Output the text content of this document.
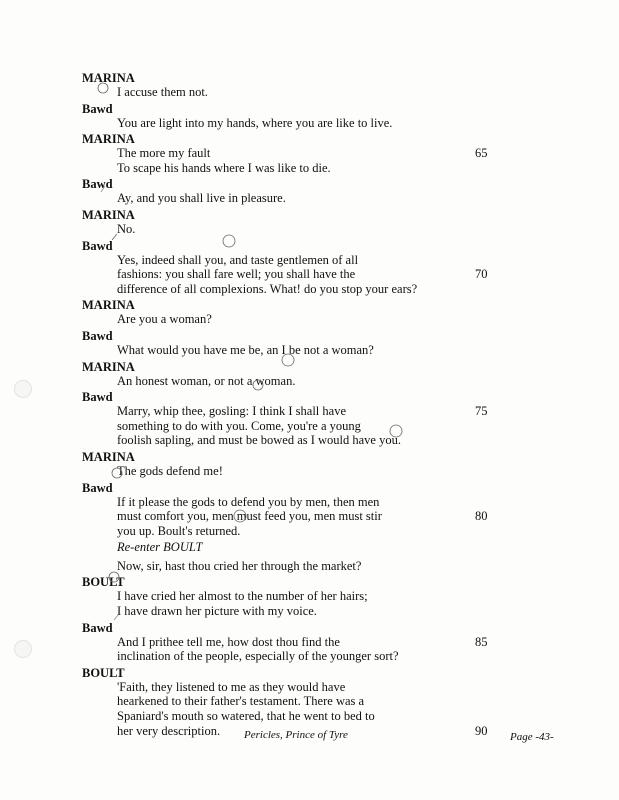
MARINA
I accuse them not.
Bawd
You are light into my hands, where you are like to live.
MARINA
The more my fault	65
To scape his hands where I was like to die.
Bawd
Ay, and you shall live in pleasure.
MARINA
No.
Bawd
Yes, indeed shall you, and taste gentlemen of all
fashions: you shall fare well; you shall have the	70
difference of all complexions. What! do you stop your ears?
MARINA
Are you a woman?
Bawd
What would you have me be, an I be not a woman?
MARINA
An honest woman, or not a woman.
Bawd
Marry, whip thee, gosling: I think I shall have	75
something to do with you. Come, you're a young
foolish sapling, and must be bowed as I would have you.
MARINA
The gods defend me!
Bawd
If it please the gods to defend you by men, then men
must comfort you, men must feed you, men must stir	80
you up. Boult's returned.
Re-enter BOULT
Now, sir, hast thou cried her through the market?
BOULT
I have cried her almost to the number of her hairs;
I have drawn her picture with my voice.
Bawd
And I prithee tell me, how dost thou find the	85
inclination of the people, especially of the younger sort?
BOULT
'Faith, they listened to me as they would have
hearkened to their father's testament. There was a
Spaniard's mouth so watered, that he went to bed to
her very description.	90
Pericles, Prince of Tyre	Page -43-
